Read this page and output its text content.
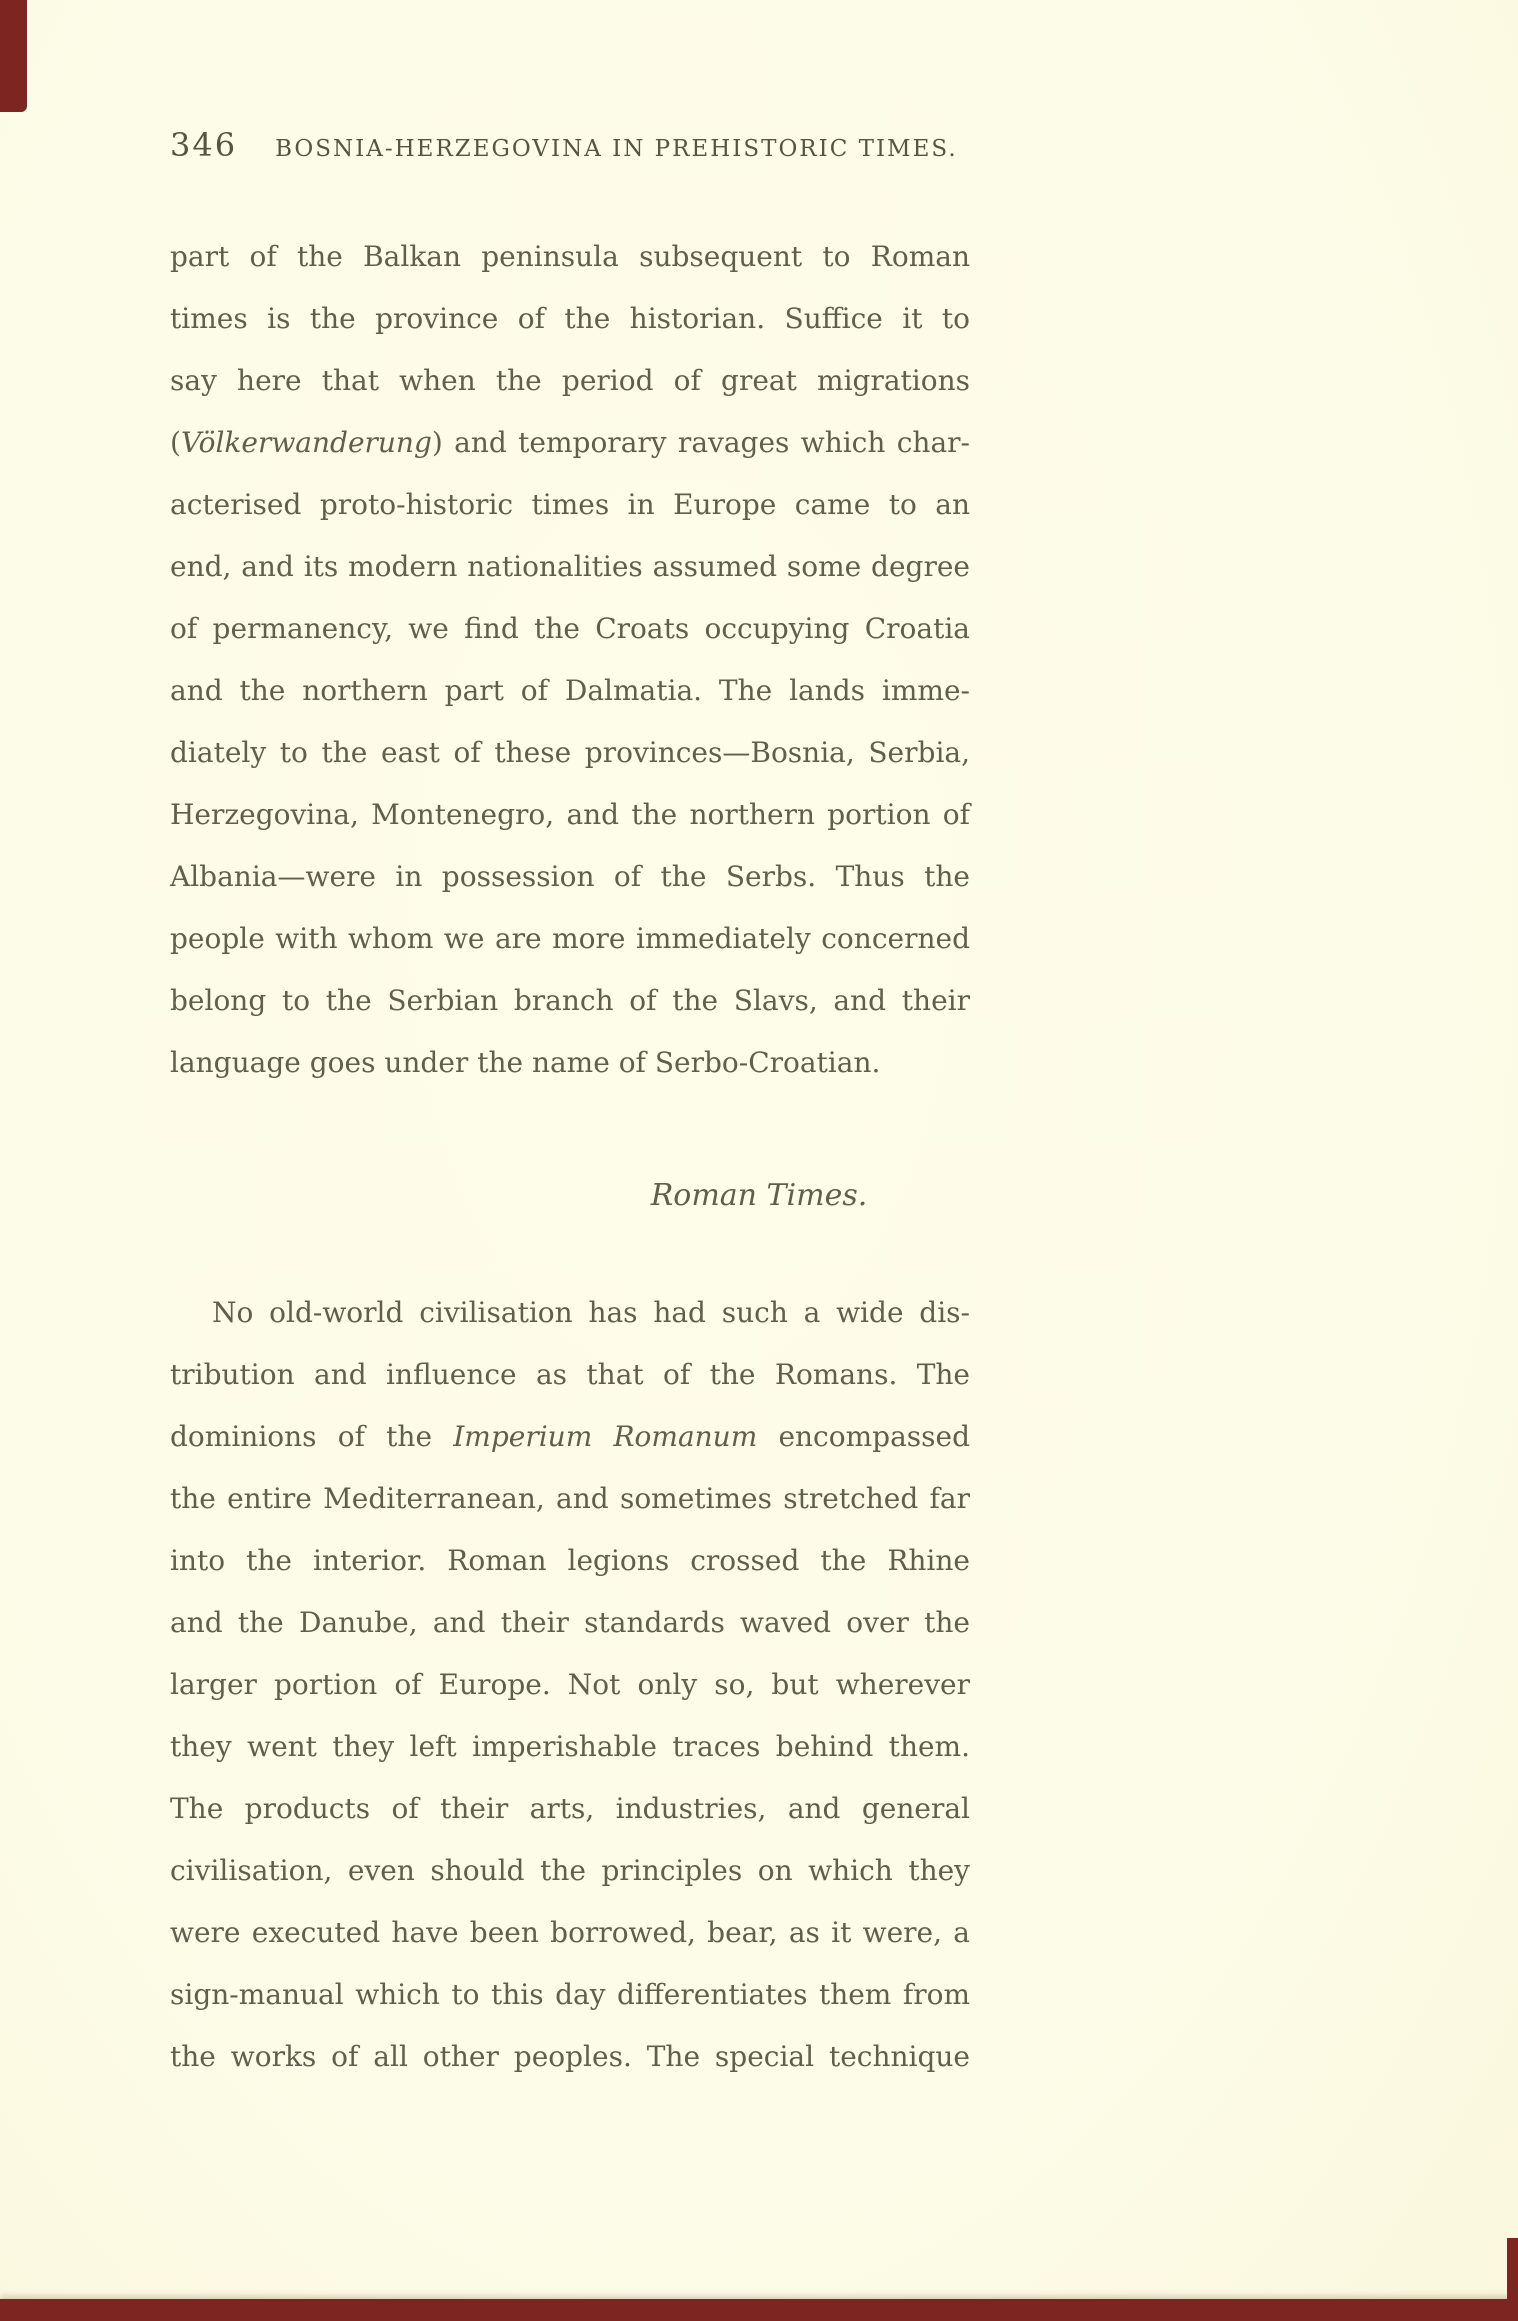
346 BOSNIA-HERZEGOVINA IN PREHISTORIC TIMES.
part of the Balkan peninsula subsequent to Roman
times is the province of the historian. Suffice it to
say here that when the period of great migrations
(Völkerwanderung) and temporary ravages which char-
acterised proto-historic times in Europe came to an
end, and its modern nationalities assumed some degree
of permanency, we find the Croats occupying Croatia
and the northern part of Dalmatia. The lands imme-
diately to the east of these provinces—Bosnia, Serbia,
Herzegovina, Montenegro, and the northern portion of
Albania—were in possession of the Serbs. Thus the
people with whom we are more immediately concerned
belong to the Serbian branch of the Slavs, and their
language goes under the name of Serbo-Croatian.
No old-world civilisation has had such a wide dis-
tribution and influence as that of the Romans. The
dominions of the Imperium Romanum encompassed
the entire Mediterranean, and sometimes stretched far
into the interior. Roman legions crossed the Rhine
and the Danube, and their standards waved over the
larger portion of Europe. Not only so, but wherever
they went they left imperishable traces behind them.
The products of their arts, industries, and general
civilisation, even should the principles on which they
were executed have been borrowed, bear, as it were, a
sign-manual which to this day differentiates them from
the works of all other peoples. The special technique
Roman Times.
